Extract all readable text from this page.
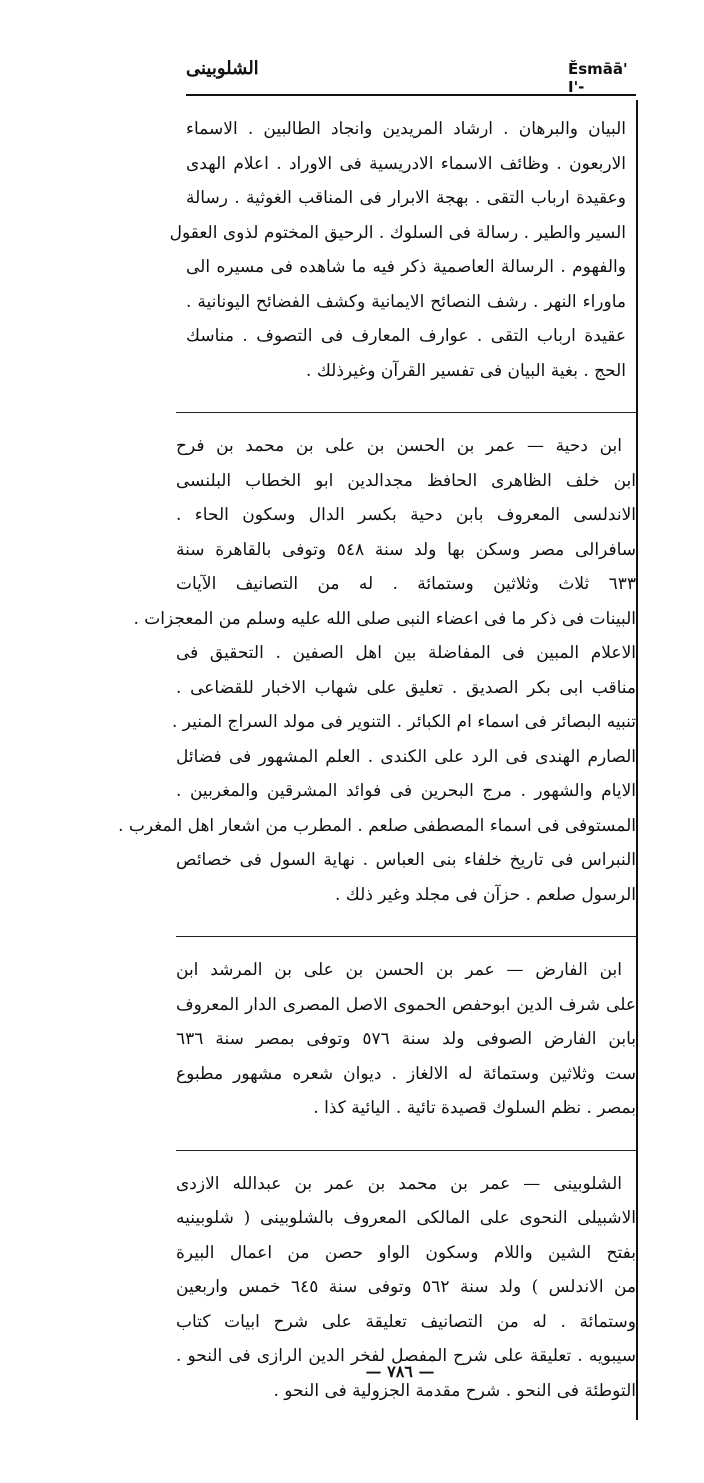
الشلوبينى	Ěsmāā' I'-
البيان والبرهان . ارشاد المريدين وانجاد الطالبين . الاسماء
الاربعون . وظائف الاسماء الادريسية فى الاوراد . اعلام الهدى
وعقيدة ارباب التقى . بهجة الابرار فى المناقب الغوثية . رسالة
السير والطير . رسالة فى السلوك . الرحيق المختوم لذوى العقول
والفهوم . الرسالة العاصمية ذكر فيه ما شاهده فى مسيره الى
ماوراء النهر . رشف النصائح الايمانية وكشف الفضائح اليونانية .
عقيدة ارباب التقى . عوارف المعارف فى التصوف . مناسك
الحج . بغية البيان فى تفسير القرآن وغيرذلك .
ابن دحية — عمر بن الحسن بن على بن محمد بن فرح
ابن خلف الظاهرى الحافظ مجدالدين ابو الخطاب البلنسى
الاندلسى المعروف بابن دحية بكسر الدال وسكون الحاء .
سافرالى مصر وسكن بها ولد سنة ٥٤٨ وتوفى بالقاهرة سنة
٦٣٣ ثلاث وثلاثين وستمائة . له من التصانيف الآيات
البينات فى ذكر ما فى اعضاء النبى صلى الله عليه وسلم من المعجزات .
الاعلام المبين فى المفاضلة بين اهل الصفين . التحقيق فى
مناقب ابى بكر الصديق . تعليق على شهاب الاخبار للقضاعى .
تنبيه البصائر فى اسماء ام الكبائر . التنوير فى مولد السراج المنير .
الصارم الهندى فى الرد على الكندى . العلم المشهور فى فضائل
الايام والشهور . مرج البحرين فى فوائد المشرقين والمغربين .
المستوفى فى اسماء المصطفى صلعم . المطرب من اشعار اهل المغرب .
النبراس فى تاريخ خلفاء بنى العباس . نهاية السول فى خصائص
الرسول صلعم . حزآن فى مجلد وغير ذلك .
ابن الفارض — عمر بن الحسن بن على بن المرشد ابن
على شرف الدين ابوحفص الحموى الاصل المصرى الدار المعروف
بابن الفارض الصوفى ولد سنة ٥٧٦ وتوفى بمصر سنة ٦٣٦
ست وثلاثين وستمائة له الالغاز . ديوان شعره مشهور مطبوع
بمصر . نظم السلوك قصيدة تائية . اليائية كذا .
الشلوبينى — عمر بن محمد بن عمر بن عبدالله الازدى
الاشبيلى النحوى على المالكى المعروف بالشلوبينى ( شلوبينيه
بفتح الشين واللام وسكون الواو حصن من اعمال البيرة
من الاندلس ) ولد سنة ٥٦٢ وتوفى سنة ٦٤٥ خمس واربعين
وستمائة . له من التصانيف تعليقة على شرح ابيات كتاب
سيبويه . تعليقة على شرح المفصل لفخر الدين الرازى فى النحو .
التوطئة فى النحو . شرح مقدمة الجزولية فى النحو .
— ٧٨٦ —
